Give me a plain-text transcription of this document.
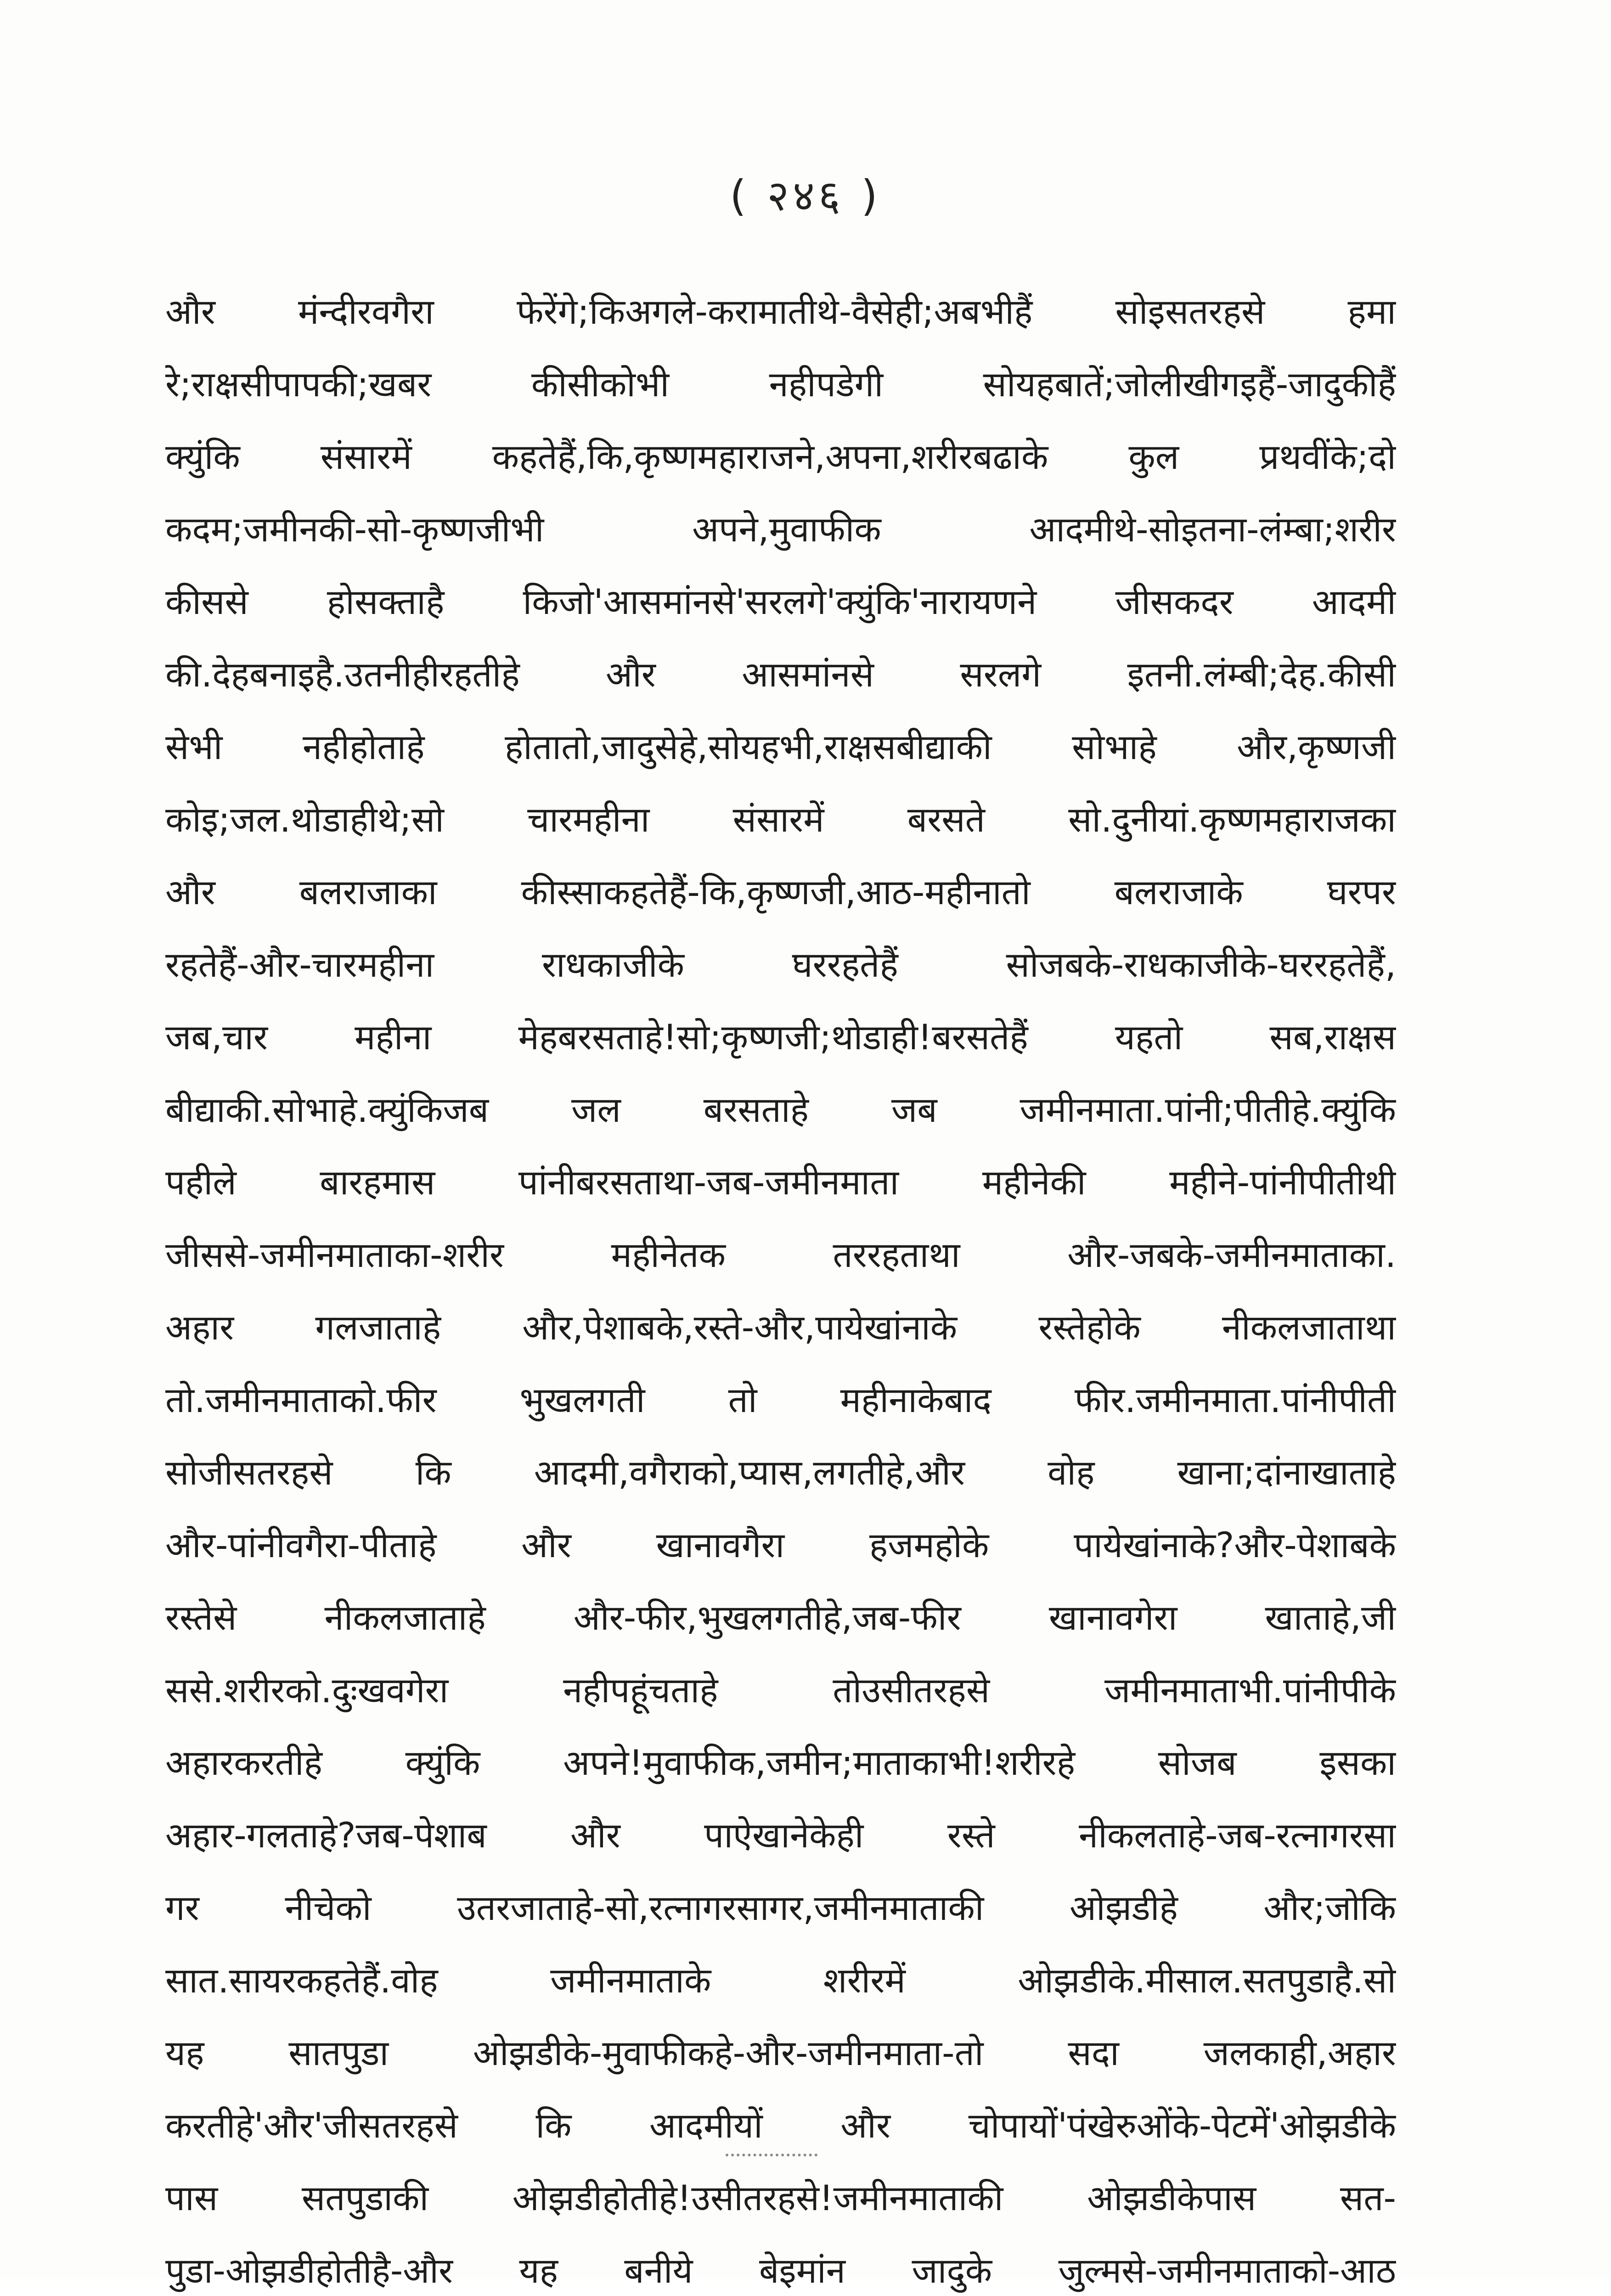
( २४६ )
और मंन्दीरवगैरा फेरेंगे;किअगले-करामातीथे-वैसेही;अबभीहैं सोइसतरहसे हमा
रे;राक्षसीपापकी;खबर कीसीकोभी नहीपडेगी सोयहबातें;जोलीखीगइहैं-जादुकीहैं
क्युंकि संसारमें कहतेहैं,कि,कृष्णमहाराजने,अपना,शरीरबढाके कुल प्रथवींके;दो
कदम;जमीनकी-सो-कृष्णजीभी अपने,मुवाफीक आदमीथे-सोइतना-लंम्बा;शरीर
कीससे होसक्ताहै किजो'आसमांनसे'सरलगे'क्युंकि'नारायणने जीसकदर आदमी
की.देहबनाइहै.उतनीहीरहतीहे और आसमांनसे सरलगे इतनी.लंम्बी;देह.कीसी
सेभी नहीहोताहे होतातो,जादुसेहे,सोयहभी,राक्षसबीद्याकी सोभाहे और,कृष्णजी
कोइ;जल.थोडाहीथे;सो चारमहीना संसारमें बरसते सो.दुनीयां.कृष्णमहाराजका
और बलराजाका कीस्साकहतेहैं-कि,कृष्णजी,आठ-महीनातो बलराजाके घरपर
रहतेहैं-और-चारमहीना राधकाजीके घररहतेहैं सोजबके-राधकाजीके-घररहतेहैं,
जब,चार महीना मेहबरसताहे!सो;कृष्णजी;थोडाही!बरसतेहैं यहतो सब,राक्षस
बीद्याकी.सोभाहे.क्युंकिजब जल बरसताहे जब जमीनमाता.पांनी;पीतीहे.क्युंकि
पहीले बारहमास पांनीबरसताथा-जब-जमीनमाता महीनेकी महीने-पांनीपीतीथी
जीससे-जमीनमाताका-शरीर महीनेतक तररहताथा और-जबके-जमीनमाताका.
अहार गलजाताहे और,पेशाबके,रस्ते-और,पायेखांनाके रस्तेहोके नीकलजाताथा
तो.जमीनमाताको.फीर भुखलगती तो महीनाकेबाद फीर.जमीनमाता.पांनीपीती
सोजीसतरहसे कि आदमी,वगैराको,प्यास,लगतीहे,और वोह खाना;दांनाखाताहे
और-पांनीवगैरा-पीताहे और खानावगैरा हजमहोके पायेखांनाके?और-पेशाबके
रस्तेसे नीकलजाताहे और-फीर,भुखलगतीहे,जब-फीर खानावगेरा खाताहे,जी
ससे.शरीरको.दुःखवगेरा नहीपहूंचताहे तोउसीतरहसे जमीनमाताभी.पांनीपीके
अहारकरतीहे क्युंकि अपने!मुवाफीक,जमीन;माताकाभी!शरीरहे सोजब इसका
अहार-गलताहे?जब-पेशाब और पाऐखानेकेही रस्ते नीकलताहे-जब-रत्नागरसा
गर नीचेको उतरजाताहे-सो,रत्नागरसागर,जमीनमाताकी ओझडीहे और;जोकि
सात.सायरकहतेहैं.वोह जमीनमाताके शरीरमें ओझडीके.मीसाल.सतपुडाहै.सो
यह सातपुडा ओझडीके-मुवाफीकहे-और-जमीनमाता-तो सदा जलकाही,अहार
करतीहे'और'जीसतरहसे कि आदमीयों और चोपायों'पंखेरुओंके-पेटमें'ओझडीके
पास सतपुडाकी ओझडीहोतीहे!उसीतरहसे!जमीनमाताकी ओझडीकेपास सत-
पुडा-ओझडीहोतीहै-और यह बनीये बेइमांन जादुके जुल्मसे-जमीनमाताको-आठ
